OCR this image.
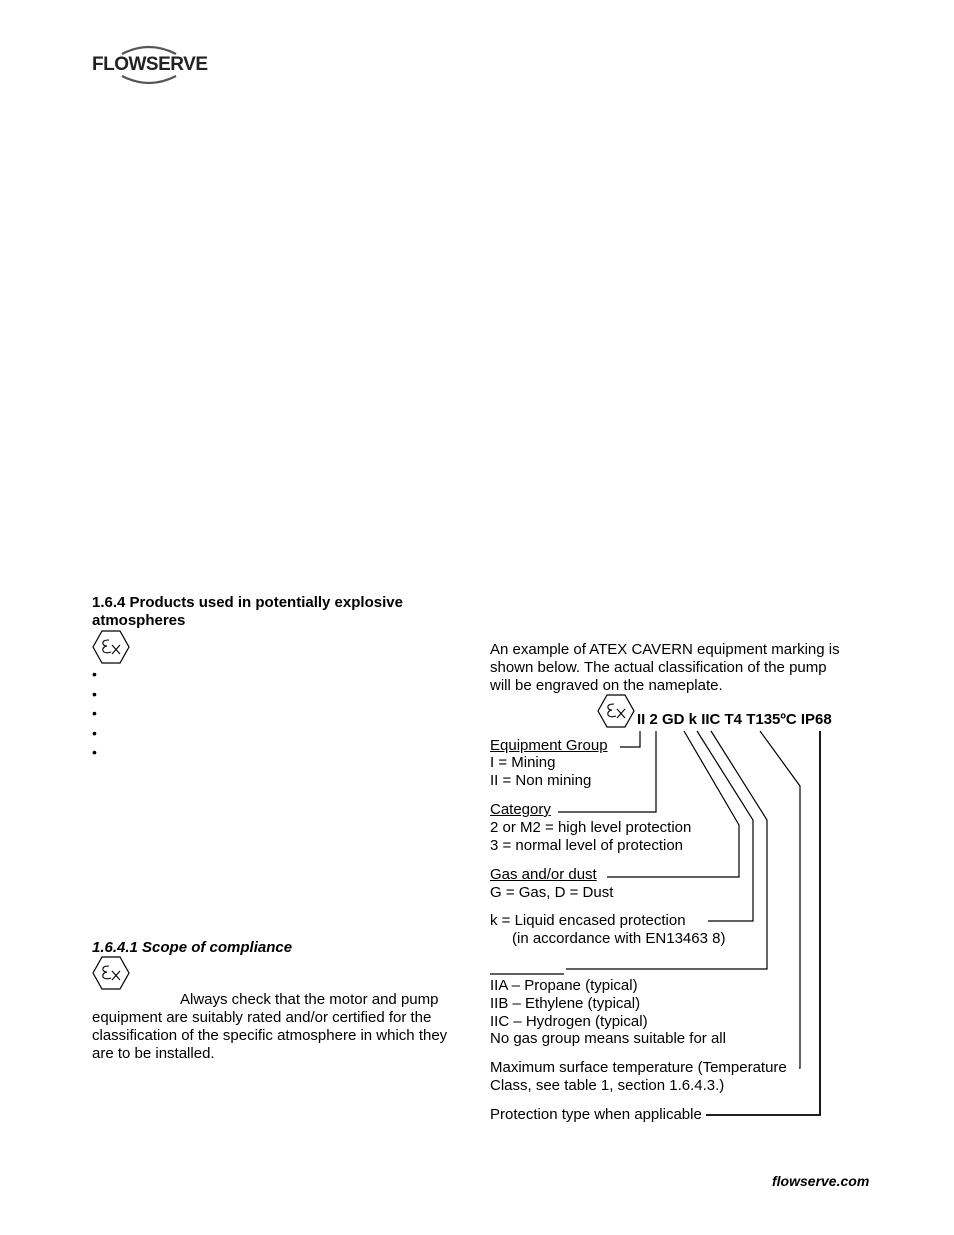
FLOWSERVE
1.6.4 Products used in potentially explosive
atmospheres
•
•
•
•
•
1.6.4.1 Scope of compliance
Always check that the motor and pump
equipment are suitably rated and/or certified for the
classification of the specific atmosphere in which they
are to be installed.
An example of ATEX CAVERN equipment marking is
shown below. The actual classification of the pump
will be engraved on the nameplate.
II 2 GD k IIC T4 T135ºC IP68
Equipment Group
I = Mining
II = Non mining
Category
2 or M2 = high level protection
3 = normal level of protection
Gas and/or dust
G = Gas, D = Dust
k = Liquid encased protection
(in accordance with EN13463 8)
IIA – Propane (typical)
IIB – Ethylene (typical)
IIC – Hydrogen (typical)
No gas group means suitable for all
Maximum surface temperature (Temperature
Class, see table 1, section 1.6.4.3.)
Protection type when applicable
flowserve.com
